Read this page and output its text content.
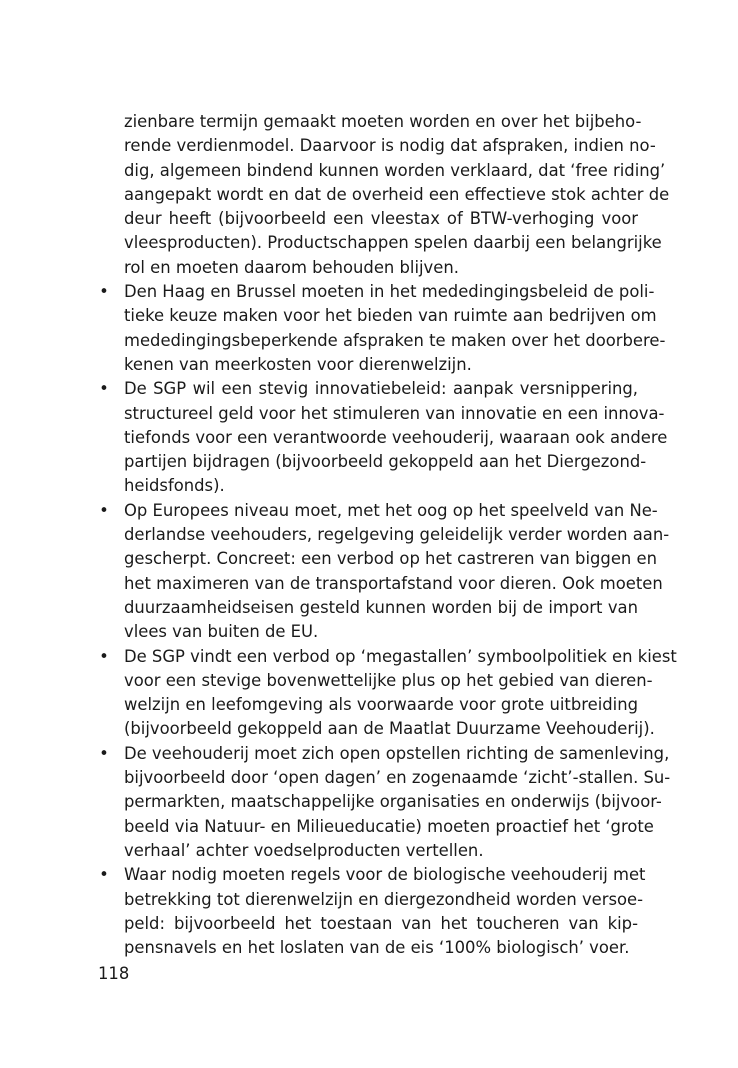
zienbare termijn gemaakt moeten worden en over het bijbeho-
rende verdienmodel. Daarvoor is nodig dat afspraken, indien no-
dig, algemeen bindend kunnen worden verklaard, dat ‘free riding’
aangepakt wordt en dat de overheid een effectieve stok achter de
deur heeft (bijvoorbeeld een vleestax of BTW-verhoging voor
vleesproducten). Productschappen spelen daarbij een belangrijke
rol en moeten daarom behouden blijven.
• Den Haag en Brussel moeten in het mededingingsbeleid de poli-
tieke keuze maken voor het bieden van ruimte aan bedrijven om
mededingingsbeperkende afspraken te maken over het doorbere-
kenen van meerkosten voor dierenwelzijn.
• De SGP wil een stevig innovatiebeleid: aanpak versnippering,
structureel geld voor het stimuleren van innovatie en een innova-
tiefonds voor een verantwoorde veehouderij, waaraan ook andere
partijen bijdragen (bijvoorbeeld gekoppeld aan het Diergezond-
heidsfonds).
• Op Europees niveau moet, met het oog op het speelveld van Ne-
derlandse veehouders, regelgeving geleidelijk verder worden aan-
gescherpt. Concreet: een verbod op het castreren van biggen en
het maximeren van de transportafstand voor dieren. Ook moeten
duurzaamheidseisen gesteld kunnen worden bij de import van
vlees van buiten de EU.
• De SGP vindt een verbod op ‘megastallen’ symboolpolitiek en kiest
voor een stevige bovenwettelijke plus op het gebied van dieren-
welzijn en leefomgeving als voorwaarde voor grote uitbreiding
(bijvoorbeeld gekoppeld aan de Maatlat Duurzame Veehouderij).
• De veehouderij moet zich open opstellen richting de samenleving,
bijvoorbeeld door ‘open dagen’ en zogenaamde ‘zicht’-stallen. Su-
permarkten, maatschappelijke organisaties en onderwijs (bijvoor-
beeld via Natuur- en Milieueducatie) moeten proactief het ‘grote
verhaal’ achter voedselproducten vertellen.
• Waar nodig moeten regels voor de biologische veehouderij met
betrekking tot dierenwelzijn en diergezondheid worden versoe-
peld: bijvoorbeeld het toestaan van het toucheren van kip-
pensnavels en het loslaten van de eis ‘100% biologisch’ voer.
118
